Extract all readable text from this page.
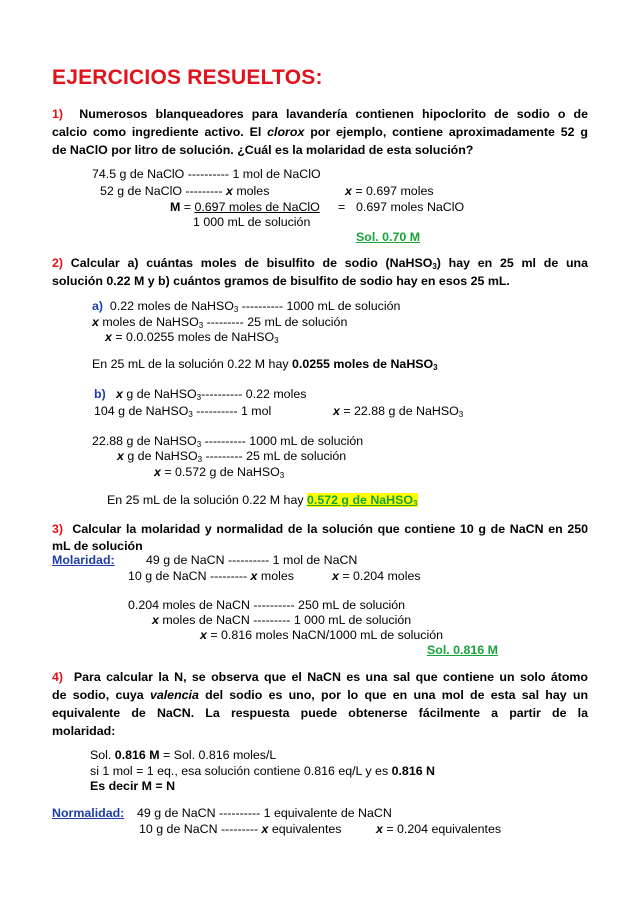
EJERCICIOS RESUELTOS:
1) Numerosos blanqueadores para lavandería contienen hipoclorito de sodio o de
calcio como ingrediente activo. El clorox por ejemplo, contiene aproximadamente 52 g
de NaClO por litro de solución. ¿Cuál es la molaridad de esta solución?
74.5 g de NaClO ---------- 1 mol de NaClO
52 g de NaClO --------- x moles	x = 0.697 moles
M = 0.697 moles de NaClO = 0.697 moles NaClO
1 000 mL de solución
Sol. 0.70 M
2) Calcular a) cuántas moles de bisulfito de sodio (NaHSO$_3$) hay en 25 ml de una
solución 0.22 M y b) cuántos gramos de bisulfito de sodio hay en esos 25 mL.
a) 0.22 moles de NaHSO$_3$ ---------- 1000 mL de solución
x moles de NaHSO$_3$ --------- 25 mL de solución
x = 0.0.0255 moles de NaHSO$_3$
En 25 mL de la solución 0.22 M hay 0.0255 moles de NaHSO$_3$
b) x g de NaHSO$_3$---------- 0.22 moles
104 g de NaHSO$_3$ ---------- 1 mol	x = 22.88 g de NaHSO$_3$
22.88 g de NaHSO$_3$ ---------- 1000 mL de solución
x g de NaHSO$_3$ --------- 25 mL de solución
x = 0.572 g de NaHSO$_3$
En 25 mL de la solución 0.22 M hay 0.572 g de NaHSO$_3$
3) Calcular la molaridad y normalidad de la solución que contiene 10 g de NaCN en 250
mL de solución
Molaridad:	49 g de NaCN ---------- 1 mol de NaCN
10 g de NaCN --------- x moles	x = 0.204 moles
0.204 moles de NaCN ---------- 250 mL de solución
x moles de NaCN --------- 1 000 mL de solución
x = 0.816 moles NaCN/1000 mL de solución
Sol. 0.816 M
4) Para calcular la N, se observa que el NaCN es una sal que contiene un solo átomo
de sodio, cuya valencia del sodio es uno, por lo que en una mol de esta sal hay un
equivalente de NaCN. La respuesta puede obtenerse fácilmente a partir de la
molaridad:
Sol. 0.816 M = Sol. 0.816 moles/L
si 1 mol = 1 eq., esa solución contiene 0.816 eq/L y es 0.816 N
Es decir M = N
Normalidad: 49 g de NaCN ---------- 1 equivalente de NaCN
10 g de NaCN --------- x equivalentes	x = 0.204 equivalentes
